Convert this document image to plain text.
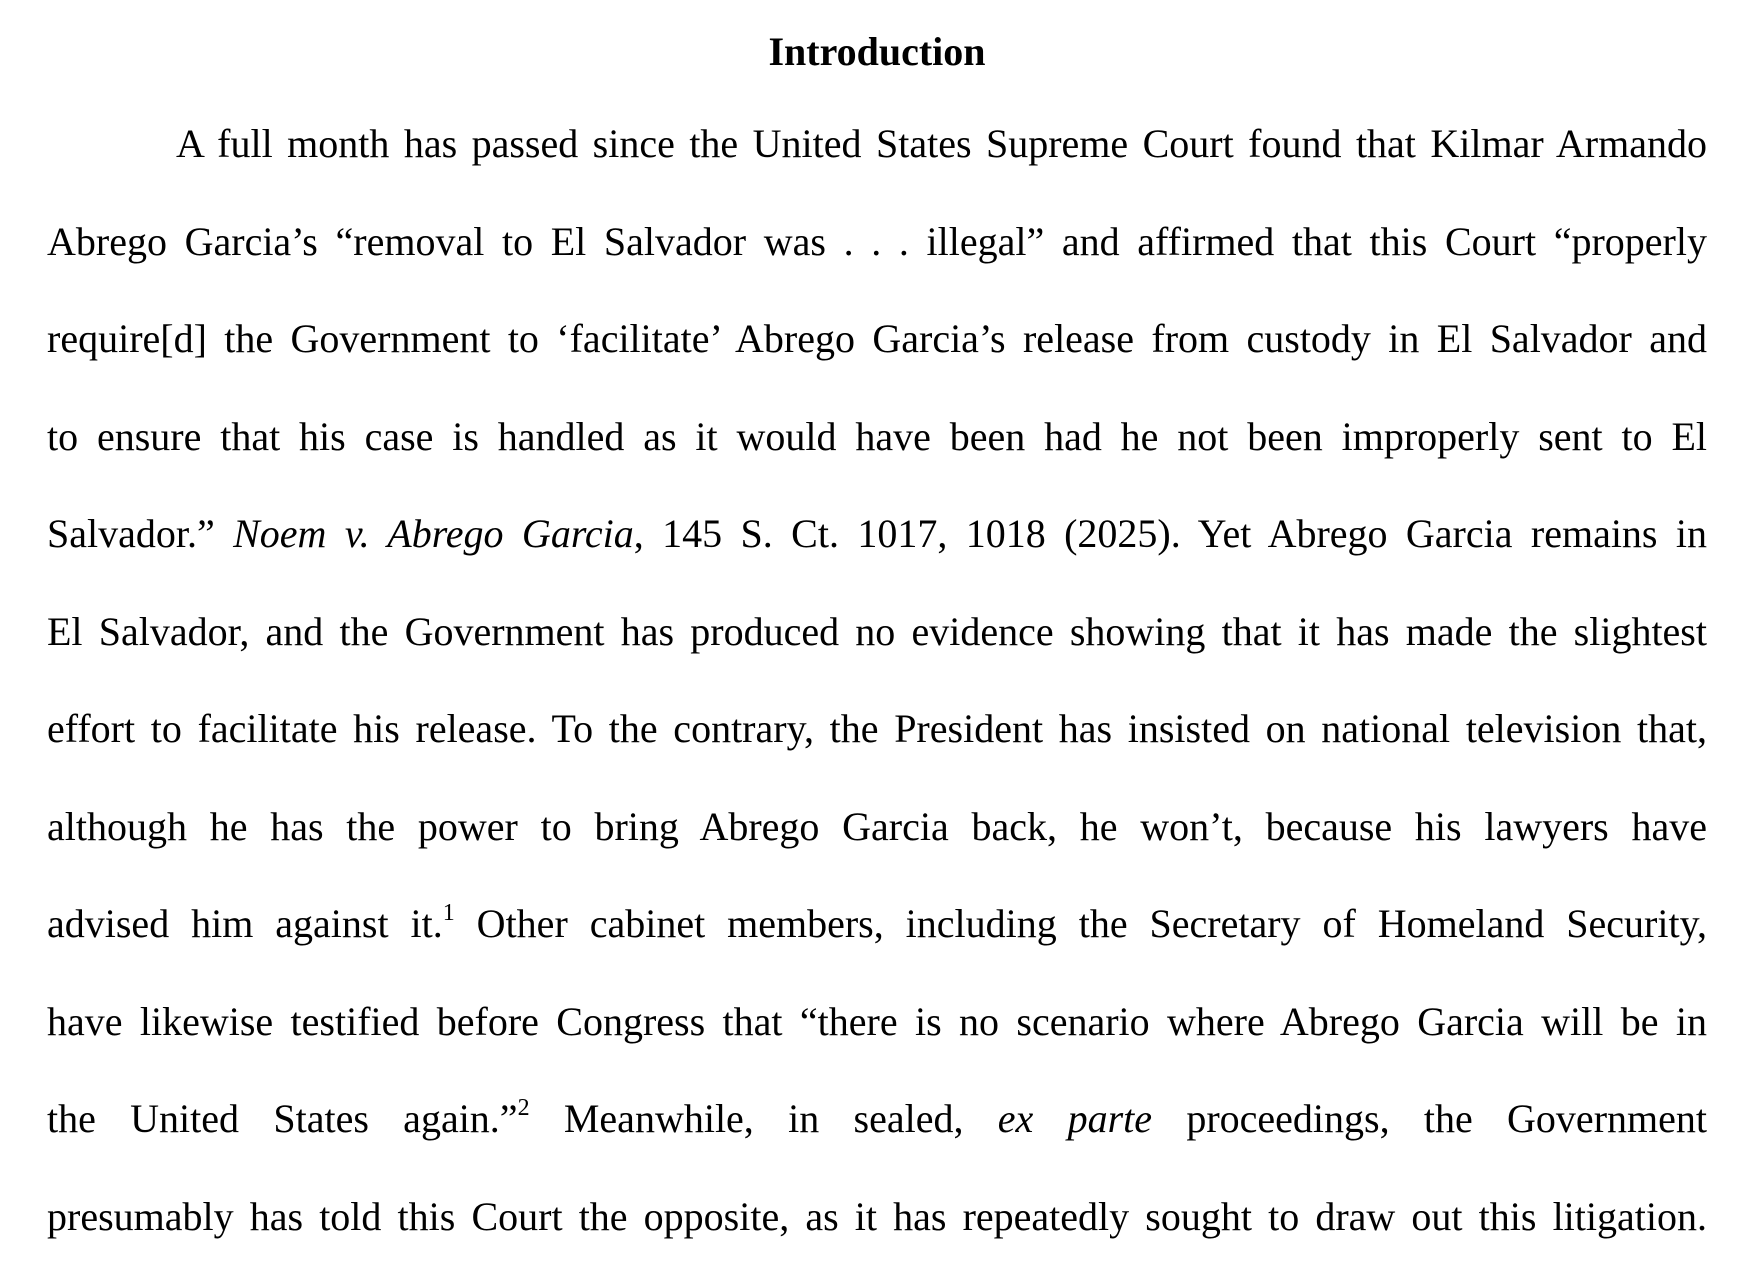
Introduction
A full month has passed since the United States Supreme Court found that Kilmar Armando
Abrego Garcia’s “removal to El Salvador was . . . illegal” and affirmed that this Court “properly
require[d] the Government to ‘facilitate’ Abrego Garcia’s release from custody in El Salvador and
to ensure that his case is handled as it would have been had he not been improperly sent to El
Salvador.” Noem v. Abrego Garcia, 145 S. Ct. 1017, 1018 (2025). Yet Abrego Garcia remains in
El Salvador, and the Government has produced no evidence showing that it has made the slightest
effort to facilitate his release. To the contrary, the President has insisted on national television that,
although he has the power to bring Abrego Garcia back, he won’t, because his lawyers have
advised him against it.$^1$ Other cabinet members, including the Secretary of Homeland Security,
have likewise testified before Congress that “there is no scenario where Abrego Garcia will be in
the United States again.”$^2$ Meanwhile, in sealed, ex parte proceedings, the Government
presumably has told this Court the opposite, as it has repeatedly sought to draw out this litigation.
